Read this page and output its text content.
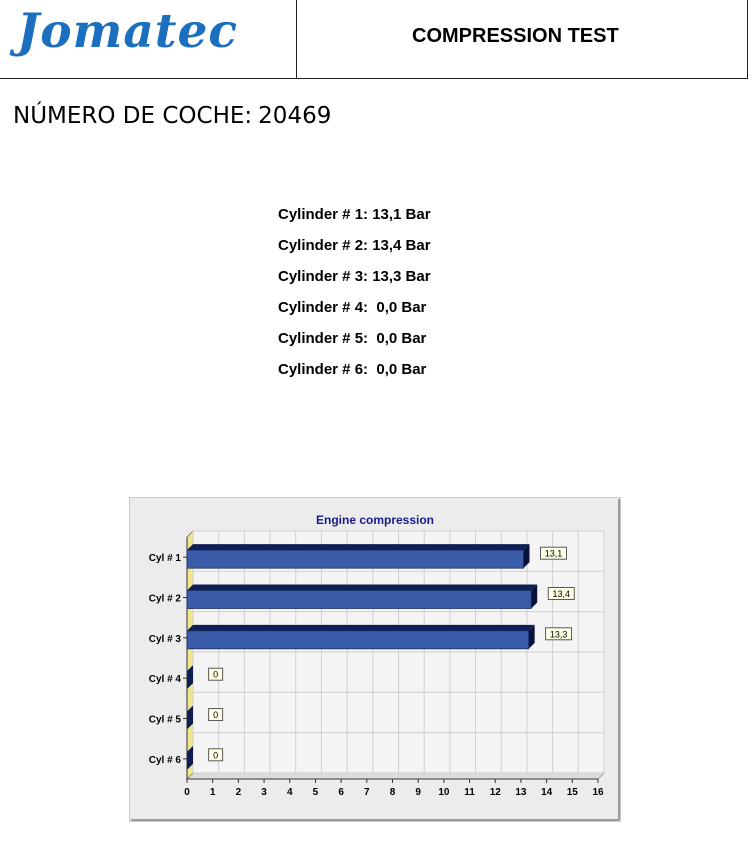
Jomatec	COMPRESSION TEST
NÚMERO DE COCHE: 20469
Cylinder # 1: 13,1 Bar
Cylinder # 2: 13,4 Bar
Cylinder # 3: 13,3 Bar
Cylinder # 4:  0,0 Bar
Cylinder # 5:  0,0 Bar
Cylinder # 6:  0,0 Bar
Engine compression
0 1 2 3 4 5 6 7 8 9 10 11 12 13 14 15 16
Cyl # 1	13,1
Cyl # 2	13,4
Cyl # 3	13,3
Cyl # 4	0
Cyl # 5	0
Cyl # 6	0
